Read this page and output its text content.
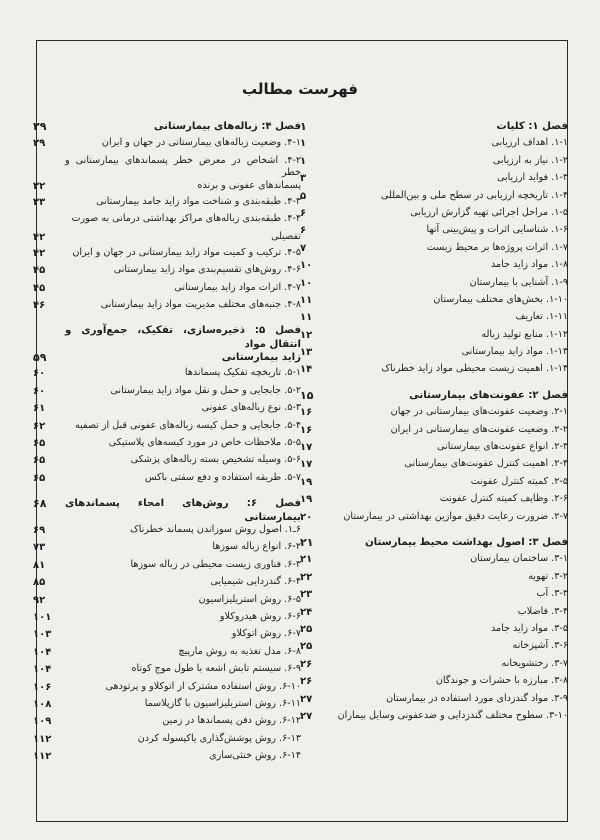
فهرست مطالب
فصل ۱: کلیات
۱
۱-۱. اهداف ارزیابی
۱
۱-۲. نیاز به ارزیابی
۱
۱-۳. فواید ارزیابی
۳
۱-۴. تاریخچه ارزیابی در سطح ملی و بین‌المللی
۵
۱-۵. مراحل اجرائی تهیه گزارش ارزیابی
۶
۱-۶. شناسایی اثرات و پیش‌بینی آنها
۶
۱-۷. اثرات پروژه‌ها بر محیط زیست
۷
۱-۸. مواد زاید جامد
۱۰
۱-۹. آشنایی با بیمارستان
۱۰
۱-۱۰. بخش‌های مختلف بیمارستان
۱۱
۱-۱۱. تعاریف
۱۱
۱-۱۲. منابع تولید زباله
۱۲
۱-۱۳. مواد زاید بیمارستانی
۱۳
۱-۱۴. اهمیت زیست محیطی مواد زاید خطرناک
۱۴
فصل ۲: عفونت‌های بیمارستانی
۱۵
۲-۱. وضعیت عفونت‌های بیمارستانی در جهان
۱۶
۲-۲. وضعیت عفونت‌های بیمارستانی در ایران
۱۶
۲-۳. انواع عفونت‌های بیمارستانی
۱۷
۲-۴. اهمیت کنترل عفونت‌های بیمارستانی
۱۷
۲-۵. کمیته کنترل عفونت
۱۹
۲-۶. وظایف کمیته کنترل عفونت
۱۹
۲-۷. ضرورت رعایت دقیق موازین بهداشتی در بیمارستان
۲۰
فصل ۳: اصول بهداشت محیط بیمارستان
۲۱
۳-۱. ساختمان بیمارستان
۲۱
۳-۲. تهویه
۲۲
۳-۳. آب
۲۳
۳-۴. فاضلاب
۲۴
۳-۵. مواد زاید جامد
۲۵
۳-۶. آشپزخانه
۲۵
۳-۷. رختشویخانه
۲۶
۳-۸. مبارزه با حشرات و جوندگان
۲۶
۳-۹. مواد گندزدای مورد استفاده در بیمارستان
۲۷
۳-۱۰. سطوح مختلف گندزدایی و ضدعفونی وسایل بیماران
۲۷
فصل ۴: زباله‌های بیمارستانی
۲۹
۴-۱. وضعیت زباله‌های بیمارستانی در جهان و ایران
۲۹
۴-۲. اشخاص در معرض خطر پسماندهای بیمارستانی و خطر
پسماندهای عفونی و برنده
۳۲
۴-۳. طبقه‌بندی و شناخت مواد زاید جامد بیمارستانی
۳۳
۴-۴. طبقه‌بندی زباله‌های مراکز بهداشتی درمانی به صورت
تفصیلی
۴۲
۴-۵. ترکیب و کمیت مواد زاید بیمارستانی در جهان و ایران
۴۲
۴-۶. روش‌های تقسیم‌بندی مواد زاید بیمارستانی
۴۵
۴-۷. اثرات مواد زاید بیمارستانی
۴۵
۴-۸. جنبه‌های مختلف مدیریت مواد زاید بیمارستانی
۴۶
فصل ۵: ذخیره‌سازی، تفکیک، جمع‌آوری و انتقال مواد
زاید بیمارستانی
۵۹
۵-۱. تاریخچه تفکیک پسماندها
۶۰
۵-۲. جابجایی و حمل و نقل مواد زاید بیمارستانی
۶۰
۵-۳. نوع زباله‌های عفونی
۶۱
۵-۴. جابجایی و حمل کیسه زباله‌های عفونی قبل از تصفیه
۶۲
۵-۵. ملاحظات خاص در مورد کیسه‌های پلاستیکی
۶۵
۵-۶. وسیله تشخیص بسته زباله‌های پزشکی
۶۵
۵-۷. طریقه استفاده و دفع سفتی باکس
۶۵
فصل ۶: روش‌های امحاء پسماندهای بیمارستانی
۶۸
۶ـ۱. اصول روش سوزاندن پسماند خطرناک
۶۹
۶-۲. انواع زباله سوزها
۷۳
۶-۳. فناوری زیست محیطی در زباله سوزها
۸۱
۶-۴. گندزدایی شیمیایی
۸۵
۶-۵. روش استریلیزاسیون
۹۲
۶-۶. روش هیدروکلاو
۱۰۱
۶-۷. روش اتوکلاو
۱۰۳
۶-۸. مدل تغذیه به روش مارپیچ
۱۰۴
۶-۹. سیستم تابش اشعه با طول موج کوتاه
۱۰۴
۶-۱۰. روش استفاده مشترک از اتوکلاو و پرتودهی
۱۰۶
۶-۱۱. روش استریلیزاسیون با گازپلاسما
۱۰۸
۶-۱۲. روش دفن پسماندها در زمین
۱۰۹
۶-۱۳. روش پوشش‌گذاری یاکپسوله کردن
۱۱۲
۶-۱۴. روش خنثی‌سازی
۱۱۲
